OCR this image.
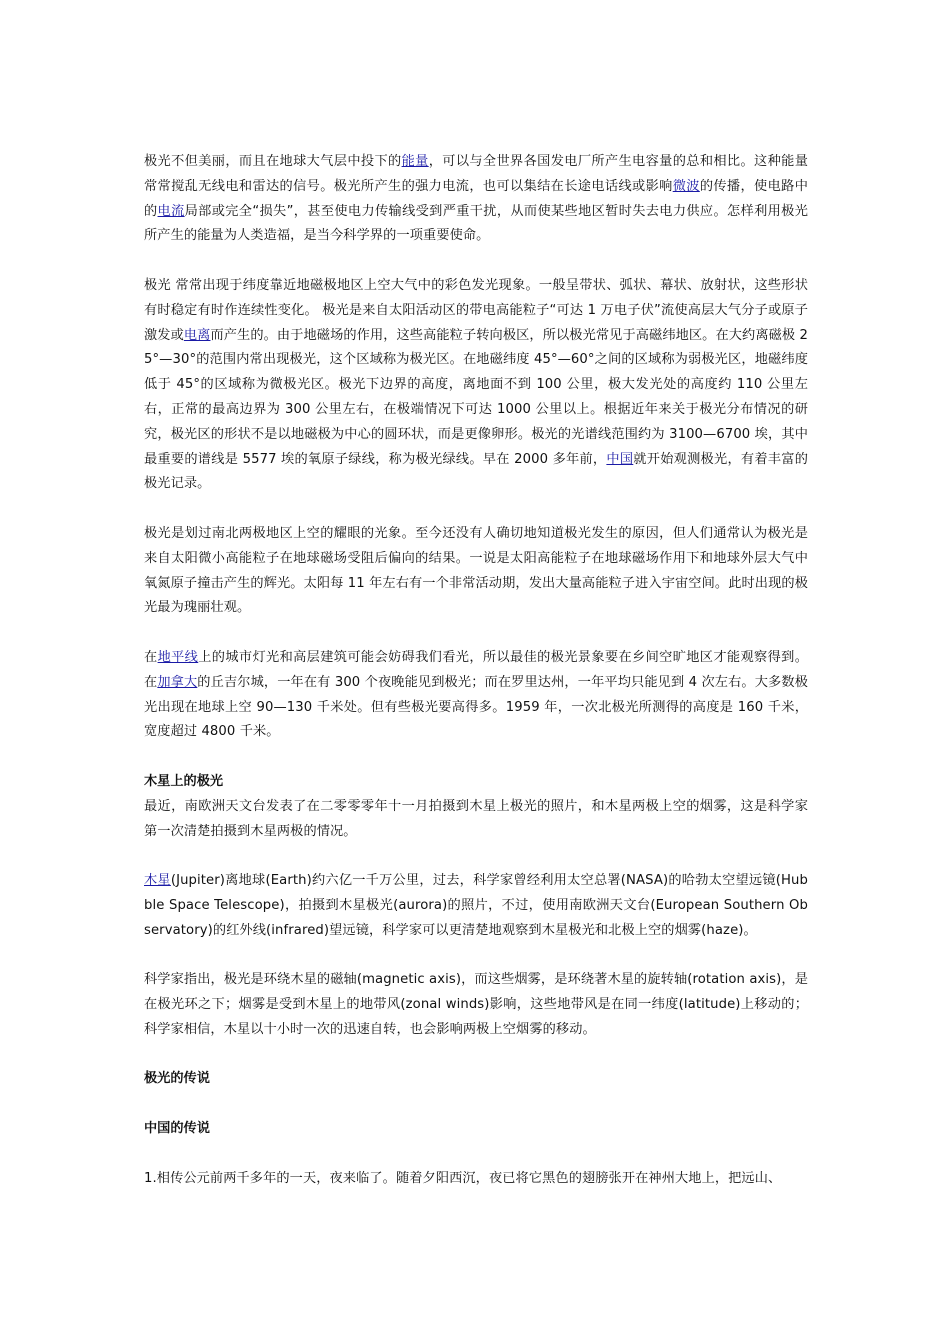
极光不但美丽，而且在地球大气层中投下的能量，可以与全世界各国发电厂所产生电容量的总和相比。这种能量常常搅乱无线电和雷达的信号。极光所产生的强力电流，也可以集结在长途电话线或影响微波的传播，使电路中的电流局部或完全“损失”，甚至使电力传输线受到严重干扰，从而使某些地区暂时失去电力供应。怎样利用极光所产生的能量为人类造福，是当今科学界的一项重要使命。

极光 常常出现于纬度靠近地磁极地区上空大气中的彩色发光现象。一般呈带状、弧状、幕状、放射状，这些形状有时稳定有时作连续性变化。 极光是来自太阳活动区的带电高能粒子“可达 1 万电子伏”流使高层大气分子或原子激发或电离而产生的。由于地磁场的作用，这些高能粒子转向极区，所以极光常见于高磁纬地区。在大约离磁极 25°—30°的范围内常出现极光，这个区域称为极光区。在地磁纬度 45°—60°之间的区域称为弱极光区，地磁纬度低于 45°的区域称为微极光区。极光下边界的高度，离地面不到 100 公里，极大发光处的高度约 110 公里左右，正常的最高边界为 300 公里左右，在极端情况下可达 1000 公里以上。根据近年来关于极光分布情况的研究，极光区的形状不是以地磁极为中心的圆环状，而是更像卵形。极光的光谱线范围约为 3100—6700 埃，其中最重要的谱线是 5577 埃的氧原子绿线，称为极光绿线。早在 2000 多年前，中国就开始观测极光，有着丰富的极光记录。

极光是划过南北两极地区上空的耀眼的光象。至今还没有人确切地知道极光发生的原因，但人们通常认为极光是来自太阳微小高能粒子在地球磁场受阻后偏向的结果。一说是太阳高能粒子在地球磁场作用下和地球外层大气中氧氮原子撞击产生的辉光。太阳每 11 年左右有一个非常活动期，发出大量高能粒子进入宇宙空间。此时出现的极光最为瑰丽壮观。

在地平线上的城市灯光和高层建筑可能会妨碍我们看光，所以最佳的极光景象要在乡间空旷地区才能观察得到。在加拿大的丘吉尔城，一年在有 300 个夜晚能见到极光；而在罗里达州，一年平均只能见到 4 次左右。大多数极光出现在地球上空 90—130 千米处。但有些极光要高得多。1959 年，一次北极光所测得的高度是 160 千米，宽度超过 4800 千米。

木星上的极光

最近，南欧洲天文台发表了在二零零零年十一月拍摄到木星上极光的照片，和木星两极上空的烟雾，这是科学家第一次清楚拍摄到木星两极的情况。

木星(Jupiter)离地球(Earth)约六亿一千万公里，过去，科学家曾经利用太空总署(NASA)的哈勃太空望远镜(Hubble Space Telescope)，拍摄到木星极光(aurora)的照片，不过，使用南欧洲天文台(European Southern Observatory)的红外线(infrared)望远镜，科学家可以更清楚地观察到木星极光和北极上空的烟雾(haze)。

科学家指出，极光是环绕木星的磁轴(magnetic axis)，而这些烟雾，是环绕著木星的旋转轴(rotation axis)，是在极光环之下；烟雾是受到木星上的地带风(zonal winds)影响，这些地带风是在同一纬度(latitude)上移动的；科学家相信，木星以十小时一次的迅速自转，也会影响两极上空烟雾的移动。

极光的传说

中国的传说

1.相传公元前两千多年的一天，夜来临了。随着夕阳西沉，夜已将它黑色的翅膀张开在神州大地上，把远山、
